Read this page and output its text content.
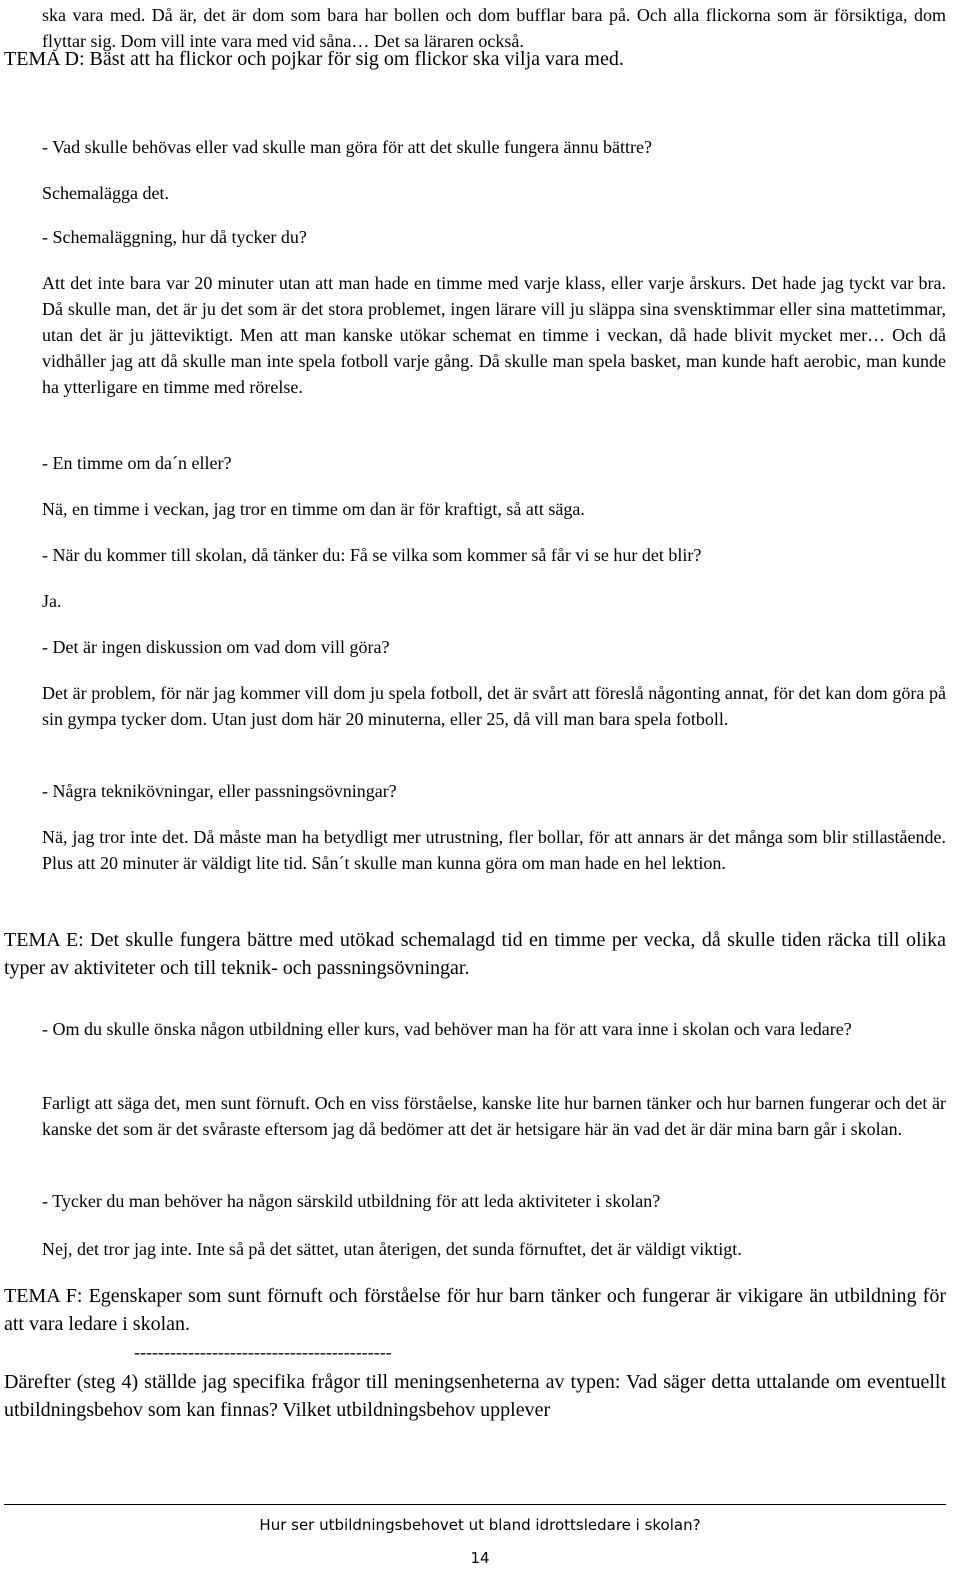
ska vara med. Då är, det är dom som bara har bollen och dom bufflar bara på. Och alla flickorna som är försiktiga, dom flyttar sig. Dom vill inte vara med vid såna… Det sa läraren också.

TEMA D: Bäst att ha flickor och pojkar för sig om flickor ska vilja vara med.

- Vad skulle behövas eller vad skulle man göra för att det skulle fungera ännu bättre?

Schemalägga det.

- Schemaläggning, hur då tycker du?

Att det inte bara var 20 minuter utan att man hade en timme med varje klass, eller varje årskurs. Det hade jag tyckt var bra. Då skulle man, det är ju det som är det stora problemet, ingen lärare vill ju släppa sina svensktimmar eller sina mattetimmar, utan det är ju jätteviktigt. Men att man kanske utökar schemat en timme i veckan, då hade blivit mycket mer… Och då vidhåller jag att då skulle man inte spela fotboll varje gång. Då skulle man spela basket, man kunde haft aerobic, man kunde ha ytterligare en timme med rörelse.

- En timme om da´n eller?

Nä, en timme i veckan, jag tror en timme om dan är för kraftigt, så att säga.

- När du kommer till skolan, då tänker du: Få se vilka som kommer så får vi se hur det blir?

Ja.

- Det är ingen diskussion om vad dom vill göra?

Det är problem, för när jag kommer vill dom ju spela fotboll, det är svårt att föreslå någonting annat, för det kan dom göra på sin gympa tycker dom. Utan just dom här 20 minuterna, eller 25, då vill man bara spela fotboll.

- Några teknikövningar, eller passningsövningar?

Nä, jag tror inte det. Då måste man ha betydligt mer utrustning, fler bollar, för att annars är det många som blir stillastående. Plus att 20 minuter är väldigt lite tid. Sån´t skulle man kunna göra om man hade en hel lektion.

TEMA E: Det skulle fungera bättre med utökad schemalagd tid en timme per vecka, då skulle tiden räcka till olika typer av aktiviteter och till teknik- och passningsövningar.

- Om du skulle önska någon utbildning eller kurs, vad behöver man ha för att vara inne i skolan och vara ledare?

Farligt att säga det, men sunt förnuft. Och en viss förståelse, kanske lite hur barnen tänker och hur barnen fungerar och det är kanske det som är det svåraste eftersom jag då bedömer att det är hetsigare här än vad det är där mina barn går i skolan.

- Tycker du man behöver ha någon särskild utbildning för att leda aktiviteter i skolan?

Nej, det tror jag inte. Inte så på det sättet, utan återigen, det sunda förnuftet, det är väldigt viktigt.

TEMA F: Egenskaper som sunt förnuft och förståelse för hur barn tänker och fungerar är vikigare än utbildning för att vara ledare i skolan.

-------------------------------------------

Därefter (steg 4) ställde jag specifika frågor till meningsenheterna av typen: Vad säger detta uttalande om eventuellt utbildningsbehov som kan finnas? Vilket utbildningsbehov upplever

Hur ser utbildningsbehovet ut bland idrottsledare i skolan?
14
